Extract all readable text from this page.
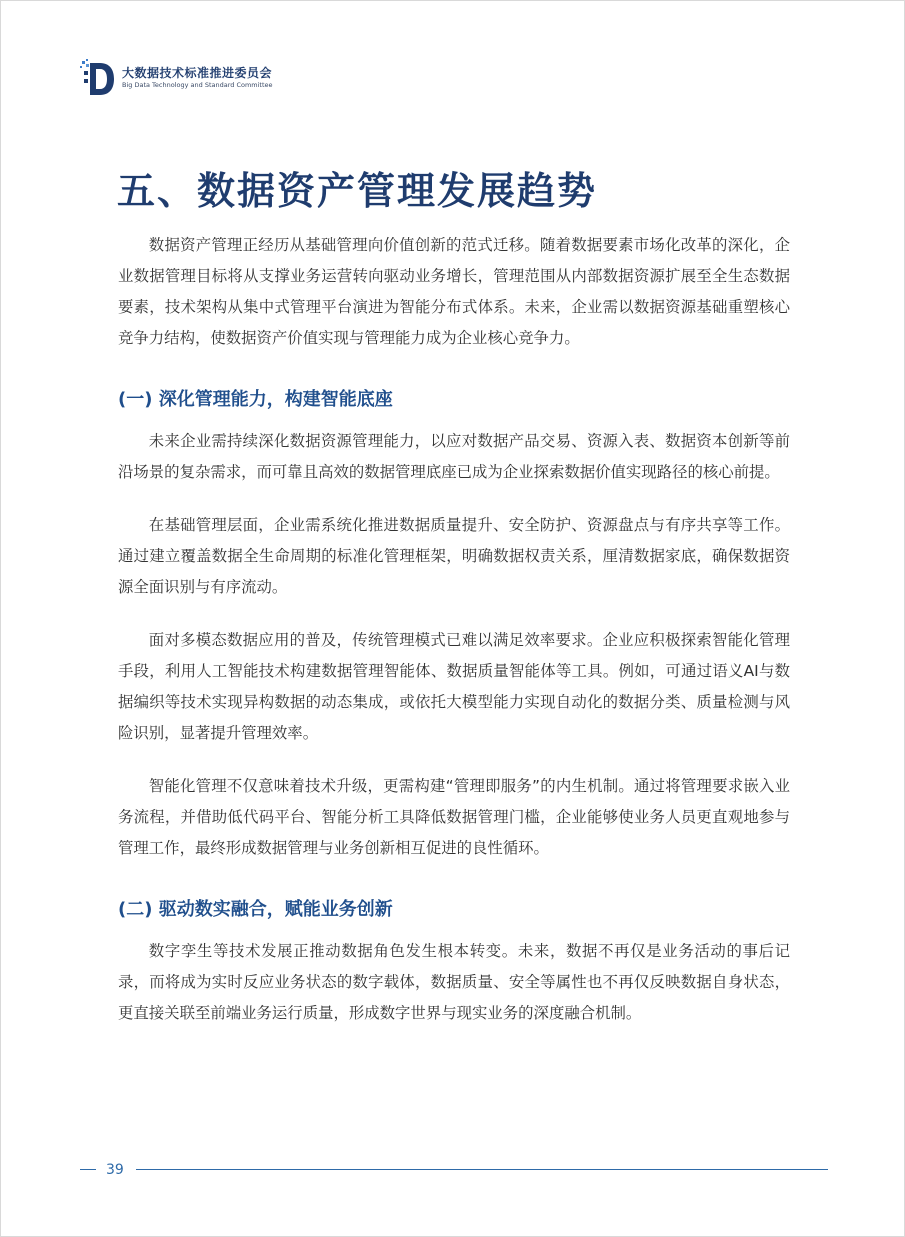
大数据技术标准推进委员会
Big Data Technology and Standard Committee
五、数据资产管理发展趋势

数据资产管理正经历从基础管理向价值创新的范式迁移。随着数据要素市场化改革的深化，企业数据管理目标将从支撑业务运营转向驱动业务增长，管理范围从内部数据资源扩展至全生态数据要素，技术架构从集中式管理平台演进为智能分布式体系。未来，企业需以数据资源基础重塑核心竞争力结构，使数据资产价值实现与管理能力成为企业核心竞争力。

(一) 深化管理能力，构建智能底座

未来企业需持续深化数据资源管理能力，以应对数据产品交易、资源入表、数据资本创新等前沿场景的复杂需求，而可靠且高效的数据管理底座已成为企业探索数据价值实现路径的核心前提。

在基础管理层面，企业需系统化推进数据质量提升、安全防护、资源盘点与有序共享等工作。通过建立覆盖数据全生命周期的标准化管理框架，明确数据权责关系，厘清数据家底，确保数据资源全面识别与有序流动。

面对多模态数据应用的普及，传统管理模式已难以满足效率要求。企业应积极探索智能化管理手段，利用人工智能技术构建数据管理智能体、数据质量智能体等工具。例如，可通过语义AI与数据编织等技术实现异构数据的动态集成，或依托大模型能力实现自动化的数据分类、质量检测与风险识别，显著提升管理效率。

智能化管理不仅意味着技术升级，更需构建“管理即服务”的内生机制。通过将管理要求嵌入业务流程，并借助低代码平台、智能分析工具降低数据管理门槛，企业能够使业务人员更直观地参与管理工作，最终形成数据管理与业务创新相互促进的良性循环。

(二) 驱动数实融合，赋能业务创新

数字孪生等技术发展正推动数据角色发生根本转变。未来，数据不再仅是业务活动的事后记录，而将成为实时反应业务状态的数字载体，数据质量、安全等属性也不再仅反映数据自身状态，更直接关联至前端业务运行质量，形成数字世界与现实业务的深度融合机制。

39
